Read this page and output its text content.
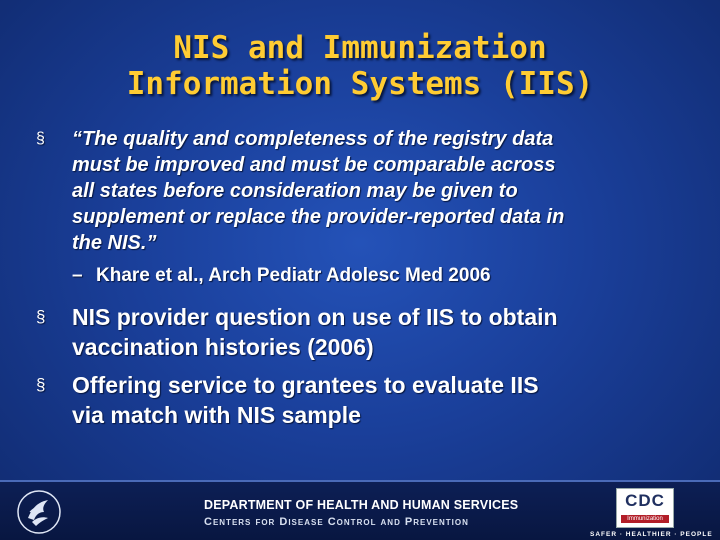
NIS and Immunization
Information Systems (IIS)
§	“The quality and completeness of the registry data
must be improved and must be comparable across
all states before consideration may be given to
supplement or replace the provider-reported data in
the NIS.”
– Khare et al., Arch Pediatr Adolesc Med 2006
§	NIS provider question on use of IIS to obtain
vaccination histories (2006)
§	Offering service to grantees to evaluate IIS
via match with NIS sample
DEPARTMENT OF HEALTH AND HUMAN SERVICES
Centers for Disease Control and Prevention
CDC
Immunization
SAFER · HEALTHIER · PEOPLE
